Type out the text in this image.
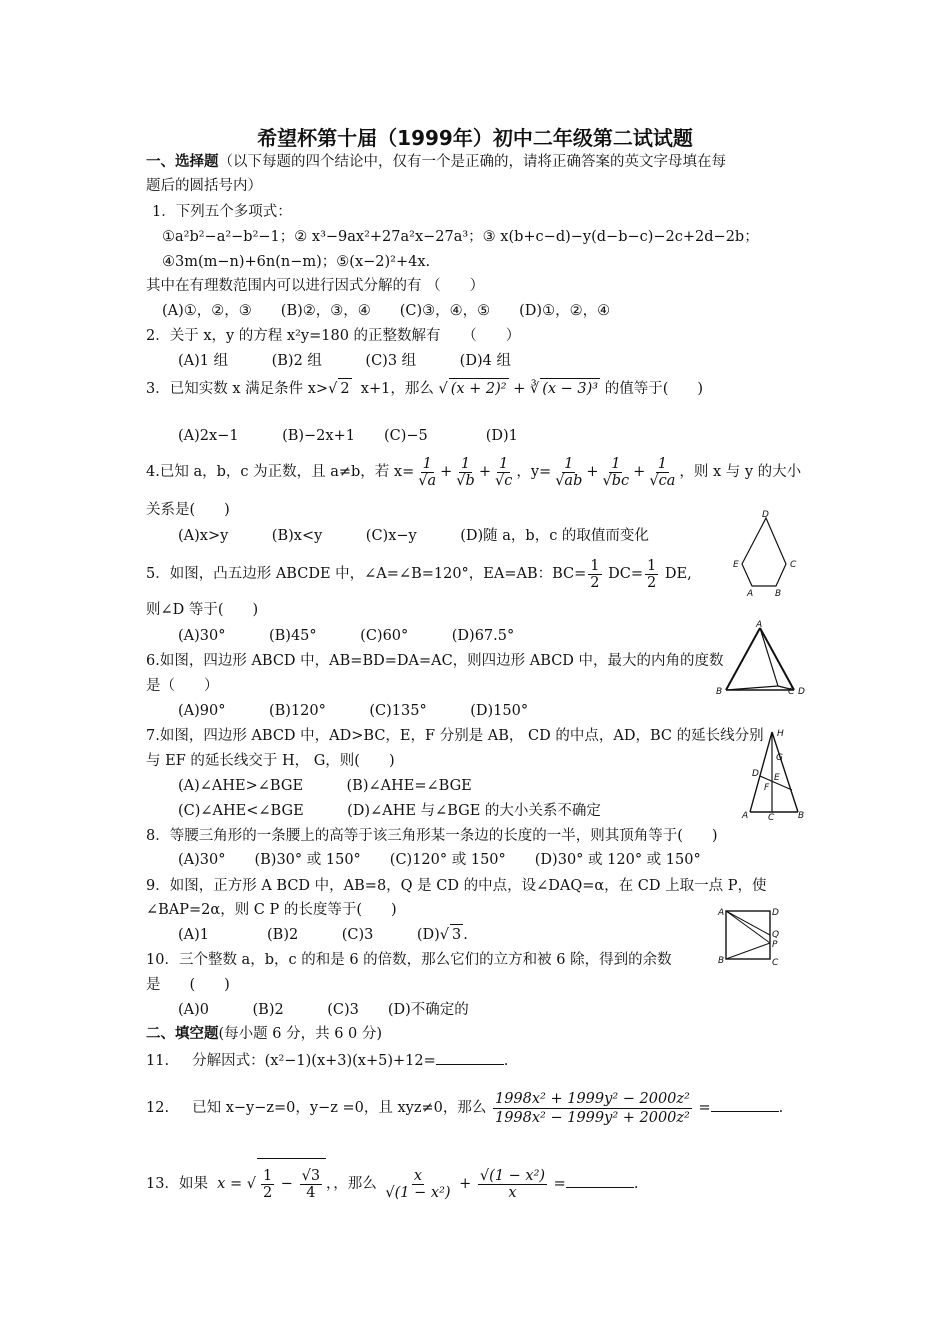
希望杯第十届（1999年）初中二年级第二试试题
一、选择题（以下每题的四个结论中，仅有一个是正确的，请将正确答案的英文字母填在每
题后的圆括号内）
1．下列五个多项式：
①a²b²−a²−b²−1；② x³−9ax²+27a²x−27a³；③ x(b+c−d)−y(d−b−c)−2c+2d−2b；
④3m(m−n)+6n(n−m)；⑤(x−2)²+4x.
其中在有理数范围内可以进行因式分解的有 （　　）
(A)①，②，③　　(B)②，③，④　　(C)③，④，⑤　　(D)①，②，④
2．关于 x，y 的方程 x²y=180 的正整数解有　　（　　）
(A)1 组　　　(B)2 组　　　(C)3 组　　　(D)4 组
3．已知实数 x 满足条件 x>√ 2 x+1，那么 √ (x + 2)² + ∛ (x − 3)³ 的值等于(　　)
(A)2x−1　　　(B)−2x+1　　(C)−5　　　　(D)1
4.已知 a，b，c 为正数，且 a≠b，若 $x= \frac{1}{√a} + \frac{1}{√b} + \frac{1}{√c}$ ，$y= \frac{1}{√ab} + \frac{1}{√bc} + \frac{1}{√ca}$ ，则 x 与 y 的大小
关系是(　　)
(A)x>y　　　(B)x<y　　　(C)x−y　　　(D)随 a，b，c 的取值而变化
5．如图，凸五边形 ABCDE 中，∠A=∠B=120°，EA=AB：$BC= \frac{1}{2} DC= \frac{1}{2}$ DE,
则∠D 等于(　　)
(A)30°　　　(B)45°　　　(C)60°　　　(D)67.5°
6.如图，四边形 ABCD 中，AB=BD=DA=AC，则四边形 ABCD 中，最大的内角的度数
是（　　）
(A)90°　　　(B)120°　　　(C)135°　　　(D)150°
7.如图，四边形 ABCD 中，AD>BC，E，F 分别是 AB， CD 的中点，AD，BC 的延长线分别
与 EF 的延长线交于 H， G，则(　　)
(A)∠AHE>∠BGE　　　(B)∠AHE=∠BGE
(C)∠AHE<∠BGE　　　(D)∠AHE 与∠BGE 的大小关系不确定
8．等腰三角形的一条腰上的高等于该三角形某一条边的长度的一半，则其顶角等于(　　)
(A)30°　　(B)30° 或 150°　　(C)120° 或 150°　　(D)30° 或 120° 或 150°
9．如图，正方形 A BCD 中，AB=8，Q 是 CD 的中点，设∠DAQ=α，在 CD 上取一点 P，使
∠BAP=2α，则 C P 的长度等于(　　)
(A)1　　　　(B)2　　　(C)3　　　(D)√ 3 .
10．三个整数 a，b，c 的和是 6 的倍数，那么它们的立方和被 6 除，得到的余数
是　　(　　)
(A)0　　　(B)2　　　(C)3　　(D)不确定的
二、填空题(每小题 6 分，共 6 0 分)
11. 分解因式：(x²−1)(x+3)(x+5)+12=	.
12. 已知 x−y−z=0，y−z =0，且 xyz≠0，那么 $\frac{\text{1998x² + 1999y² − 2000z²}}{\text{1998x² − 1999y² + 2000z²}}$ =	.
13．如果 x = √ $\frac{1}{2} - \frac{√3}{4}$ ，，那么 $\frac{x}{\text{√(1 − x²)}} + \frac{\text{√(1 − x²)}}{x}$ =	.
D
E	C
A B
A
B	C D
H
G
D E
F
A C	B
A	D
Q
P
B	C
